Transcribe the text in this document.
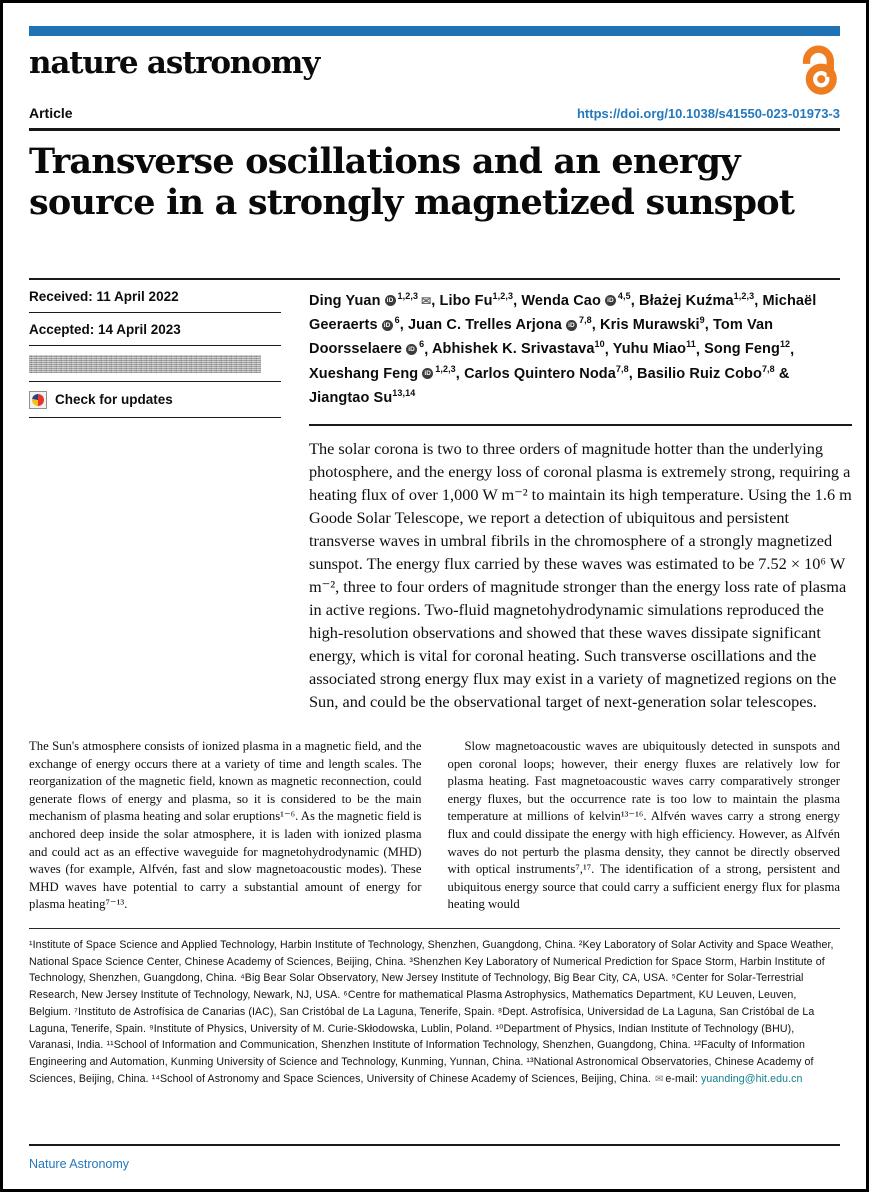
nature astronomy
Article	https://doi.org/10.1038/s41550-023-01973-3
Transverse oscillations and an energy source in a strongly magnetized sunspot
Received: 11 April 2022
Accepted: 14 April 2023
Check for updates
Ding Yuan iD $^{1,2,3}$ ✉, Libo Fu$^{1,2,3}$, Wenda Cao iD $^{4,5}$, Błażej Kuźma$^{1,2,3}$, Michaël Geeraerts iD $^6$, Juan C. Trelles Arjona iD $^{7,8}$, Kris Murawski$^9$, Tom Van Doorsselaere iD $^6$, Abhishek K. Srivastava$^{10}$, Yuhu Miao$^{11}$, Song Feng$^{12}$, Xueshang Feng iD $^{1,2,3}$, Carlos Quintero Noda$^{7,8}$, Basilio Ruiz Cobo$^{7,8}$ & Jiangtao Su$^{13,14}$

The solar corona is two to three orders of magnitude hotter than the underlying photosphere, and the energy loss of coronal plasma is extremely strong, requiring a heating flux of over 1,000 W m⁻² to maintain its high temperature. Using the 1.6 m Goode Solar Telescope, we report a detection of ubiquitous and persistent transverse waves in umbral fibrils in the chromosphere of a strongly magnetized sunspot. The energy flux carried by these waves was estimated to be 7.52 × 10⁶ W m⁻², three to four orders of magnitude stronger than the energy loss rate of plasma in active regions. Two-fluid magnetohydrodynamic simulations reproduced the high-resolution observations and showed that these waves dissipate significant energy, which is vital for coronal heating. Such transverse oscillations and the associated strong energy flux may exist in a variety of magnetized regions on the Sun, and could be the observational target of next-generation solar telescopes.

The Sun's atmosphere consists of ionized plasma in a magnetic field, and the exchange of energy occurs there at a variety of time and length scales. The reorganization of the magnetic field, known as magnetic reconnection, could generate flows of energy and plasma, so it is considered to be the main mechanism of plasma heating and solar eruptions¹⁻⁶. As the magnetic field is anchored deep inside the solar atmosphere, it is laden with ionized plasma and could act as an effective waveguide for magnetohydrodynamic (MHD) waves (for example, Alfvén, fast and slow magnetoacoustic modes). These MHD waves have potential to carry a substantial amount of energy for plasma heating⁷⁻¹³.

Slow magnetoacoustic waves are ubiquitously detected in sunspots and open coronal loops; however, their energy fluxes are relatively low for plasma heating. Fast magnetoacoustic waves carry comparatively stronger energy fluxes, but the occurrence rate is too low to maintain the plasma temperature at millions of kelvin¹³⁻¹⁶. Alfvén waves carry a strong energy flux and could dissipate the energy with high efficiency. However, as Alfvén waves do not perturb the plasma density, they cannot be directly observed with optical instruments⁷,¹⁷. The identification of a strong, persistent and ubiquitous energy source that could carry a sufficient energy flux for plasma heating would

¹Institute of Space Science and Applied Technology, Harbin Institute of Technology, Shenzhen, Guangdong, China. ²Key Laboratory of Solar Activity and Space Weather, National Space Science Center, Chinese Academy of Sciences, Beijing, China. ³Shenzhen Key Laboratory of Numerical Prediction for Space Storm, Harbin Institute of Technology, Shenzhen, Guangdong, China. ⁴Big Bear Solar Observatory, New Jersey Institute of Technology, Big Bear City, CA, USA. ⁵Center for Solar-Terrestrial Research, New Jersey Institute of Technology, Newark, NJ, USA. ⁶Centre for mathematical Plasma Astrophysics, Mathematics Department, KU Leuven, Leuven, Belgium. ⁷Instituto de Astrofísica de Canarias (IAC), San Cristóbal de La Laguna, Tenerife, Spain. ⁸Dept. Astrofísica, Universidad de La Laguna, San Cristóbal de La Laguna, Tenerife, Spain. ⁹Institute of Physics, University of M. Curie-Skłodowska, Lublin, Poland. ¹⁰Department of Physics, Indian Institute of Technology (BHU), Varanasi, India. ¹¹School of Information and Communication, Shenzhen Institute of Information Technology, Shenzhen, Guangdong, China. ¹²Faculty of Information Engineering and Automation, Kunming University of Science and Technology, Kunming, Yunnan, China. ¹³National Astronomical Observatories, Chinese Academy of Sciences, Beijing, China. ¹⁴School of Astronomy and Space Sciences, University of Chinese Academy of Sciences, Beijing, China. ✉ e-mail: yuanding@hit.edu.cn
Nature Astronomy
